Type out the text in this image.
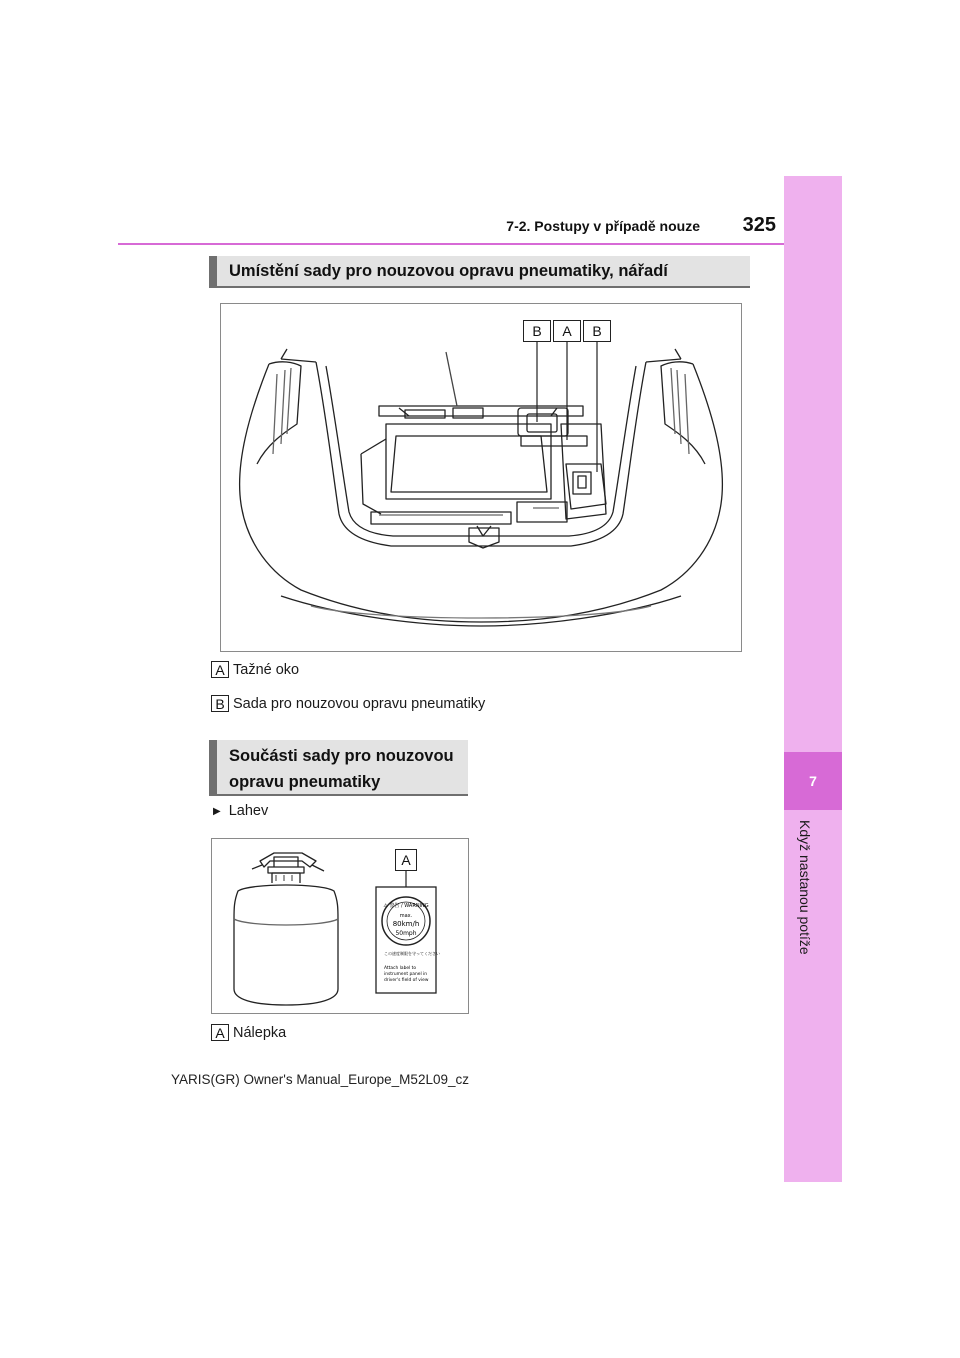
7
Když nastanou potíže
7-2. Postupy v případě nouze	325
Umístění sady pro nouzovou opravu pneumatiky, nářadí
B	A	B
A Tažné oko
B Sada pro nouzovou opravu pneumatiky
Součásti sady pro nouzovou
opravu pneumatiky
▶ Lahev
⚠ 警告 / WARNING
max.
80km/h
50mph
この速度制限を守ってください
Attach label to
instrument panel in
driver's field of view
A
A Nálepka
YARIS(GR) Owner's Manual_Europe_M52L09_cz
